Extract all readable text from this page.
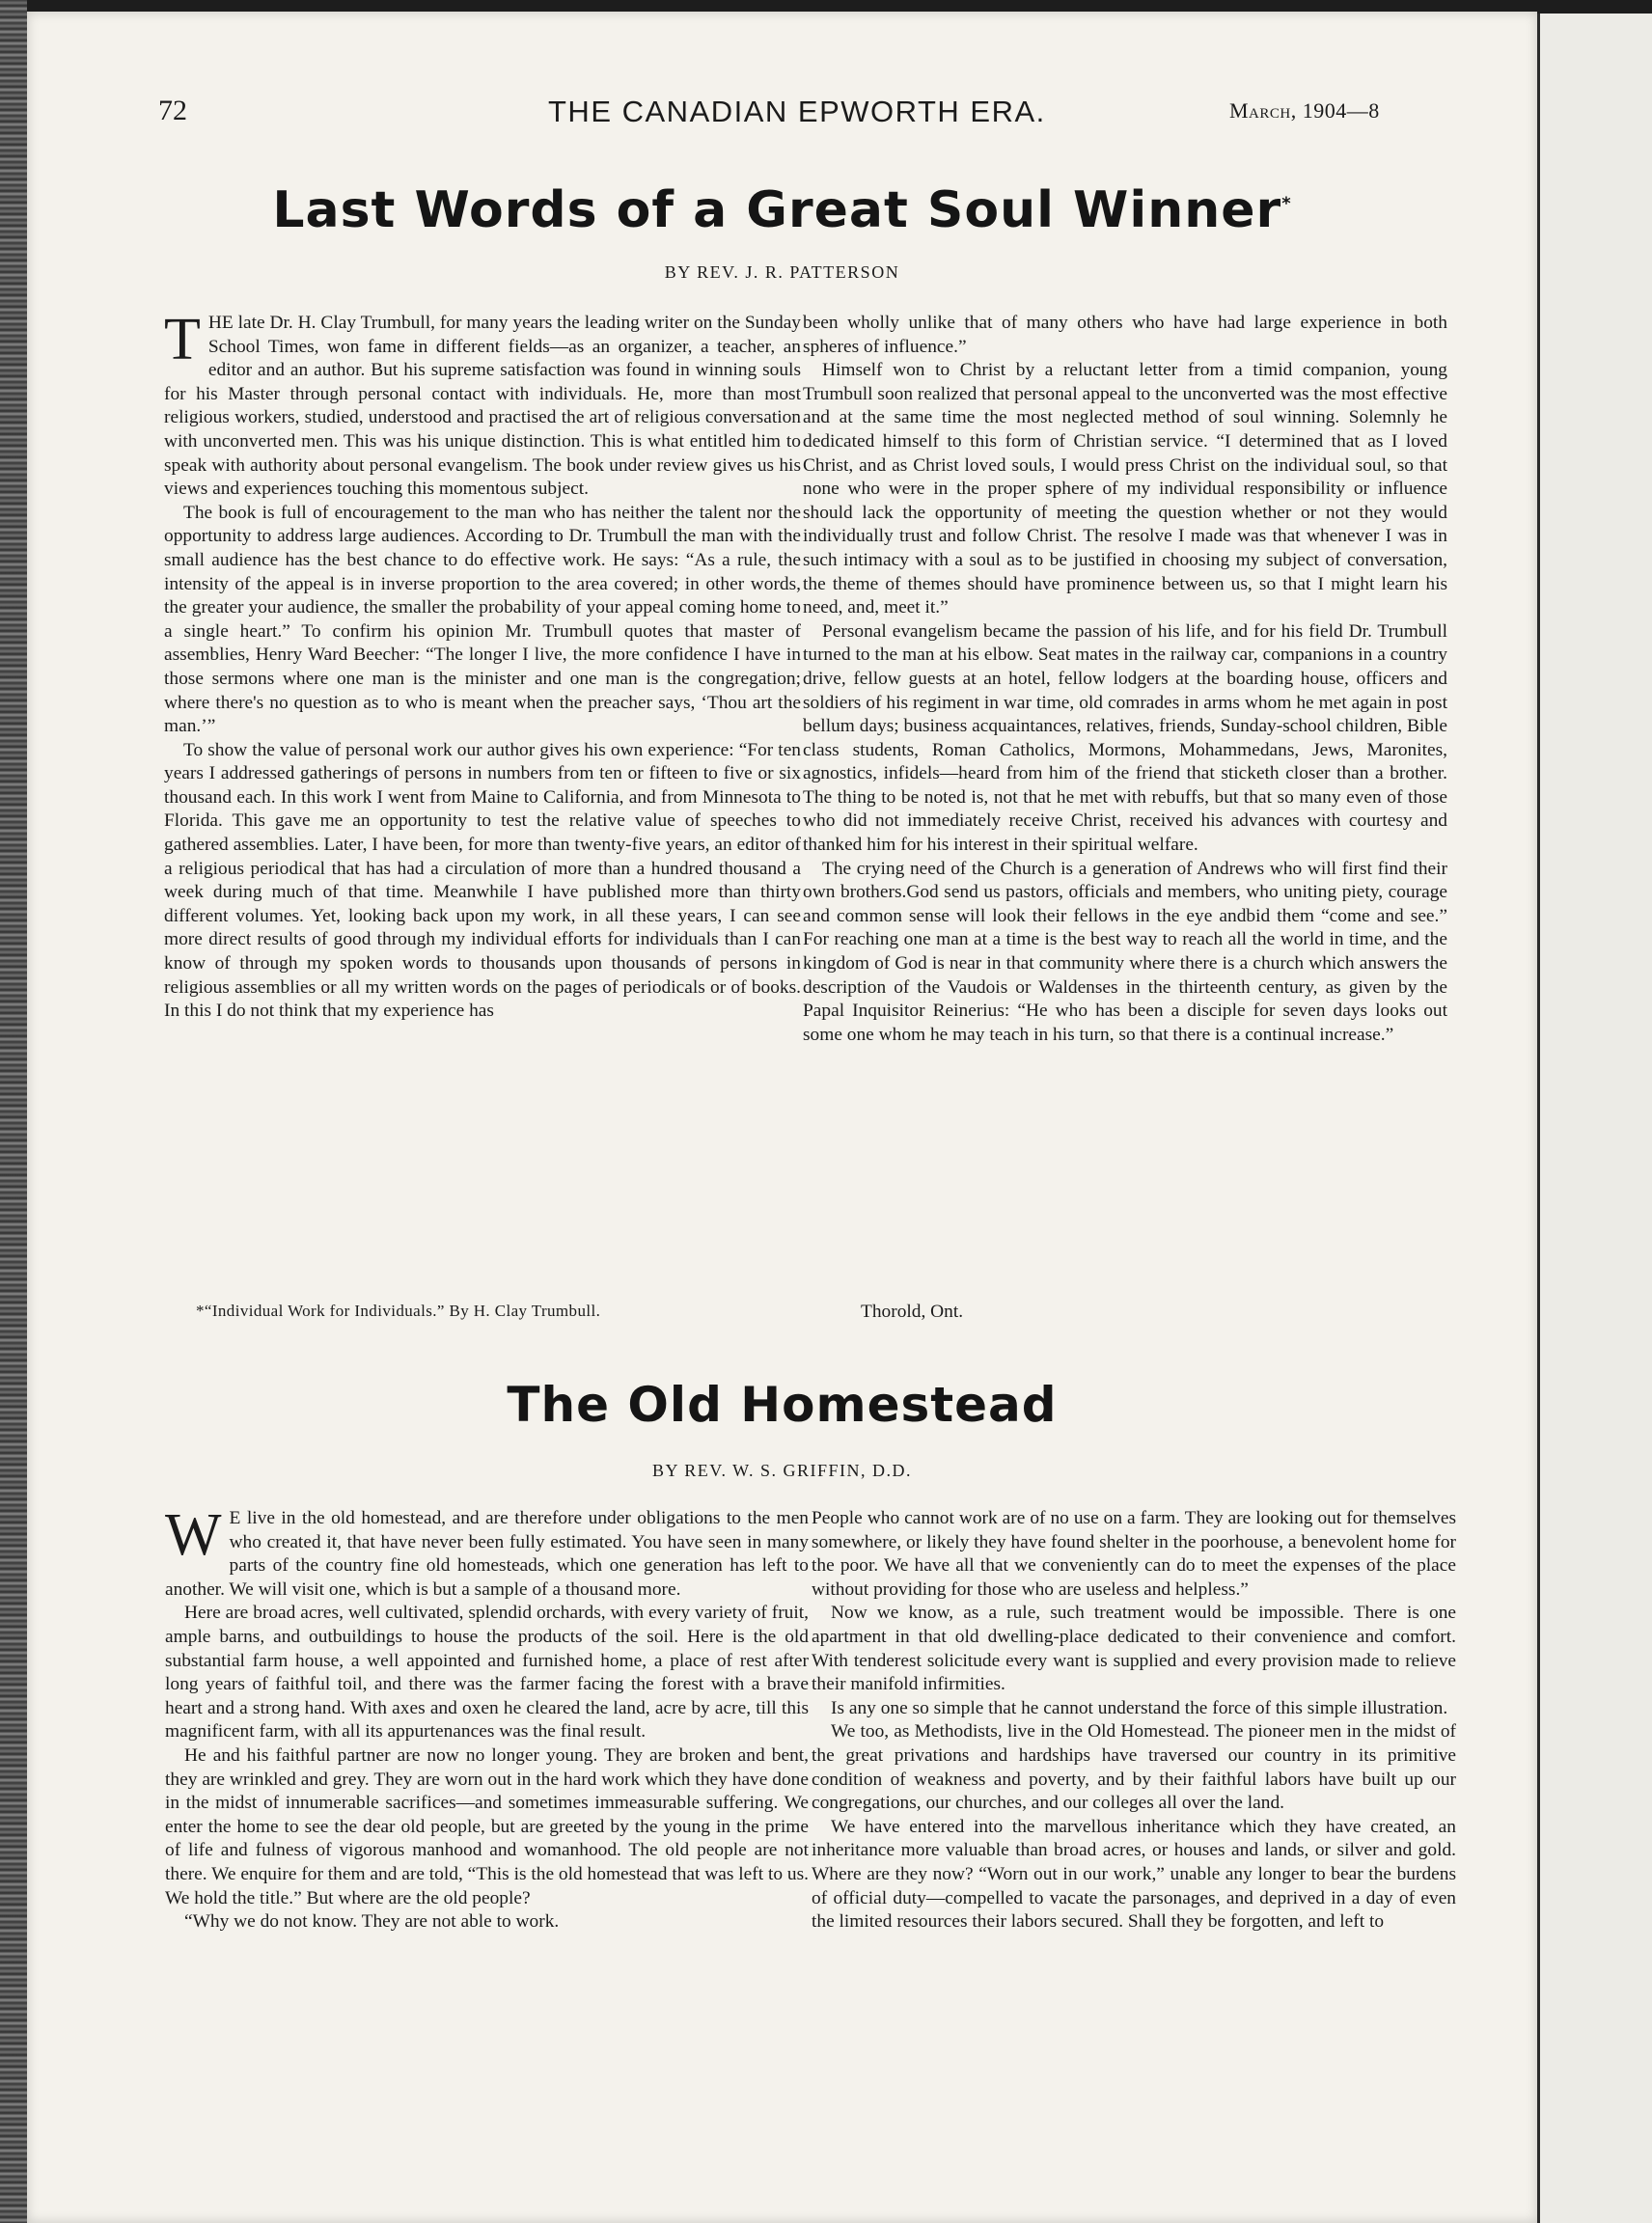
72	THE CANADIAN EPWORTH ERA.	March, 1904—8
Last Words of a Great Soul Winner*
BY REV. J. R. PATTERSON

THE late Dr. H. Clay Trumbull, for many years the leading writer on the Sunday School Times, won fame in different fields—as an organizer, a teacher, an editor and an author. But his supreme satisfaction was found in winning souls for his Master through personal contact with individuals. He, more than most religious workers, studied, understood and practised the art of religious conversation with unconverted men. This was his unique distinction. This is what entitled him to speak with authority about personal evangelism. The book under review gives us his views and experiences touching this momentous subject.

The book is full of encouragement to the man who has neither the talent nor the opportunity to address large audiences. According to Dr. Trumbull the man with the small audience has the best chance to do effective work. He says: “As a rule, the intensity of the appeal is in inverse proportion to the area covered; in other words, the greater your audience, the smaller the probability of your appeal coming home to a single heart.” To confirm his opinion Mr. Trumbull quotes that master of assemblies, Henry Ward Beecher: “The longer I live, the more confidence I have in those sermons where one man is the minister and one man is the congregation; where there's no question as to who is meant when the preacher says, ‘Thou art the man.’”

To show the value of personal work our author gives his own experience: “For ten years I addressed gatherings of persons in numbers from ten or fifteen to five or six thousand each. In this work I went from Maine to California, and from Minnesota to Florida. This gave me an opportunity to test the relative value of speeches to gathered assemblies. Later, I have been, for more than twenty-five years, an editor of a religious periodical that has had a circulation of more than a hundred thousand a week during much of that time. Meanwhile I have published more than thirty different volumes. Yet, looking back upon my work, in all these years, I can see more direct results of good through my individual efforts for individuals than I can know of through my spoken words to thousands upon thousands of persons in religious assemblies or all my written words on the pages of periodicals or of books. In this I do not think that my experience has

been wholly unlike that of many others who have had large experience in both spheres of influence.”

Himself won to Christ by a reluctant letter from a timid companion, young Trumbull soon realized that personal appeal to the unconverted was the most effective and at the same time the most neglected method of soul winning. Solemnly he dedicated himself to this form of Christian service. “I determined that as I loved Christ, and as Christ loved souls, I would press Christ on the individual soul, so that none who were in the proper sphere of my individual responsibility or influence should lack the opportunity of meeting the question whether or not they would individually trust and follow Christ. The resolve I made was that whenever I was in such intimacy with a soul as to be justified in choosing my subject of conversation, the theme of themes should have prominence between us, so that I might learn his need, and, meet it.”

Personal evangelism became the passion of his life, and for his field Dr. Trumbull turned to the man at his elbow. Seat mates in the railway car, companions in a country drive, fellow guests at an hotel, fellow lodgers at the boarding house, officers and soldiers of his regiment in war time, old comrades in arms whom he met again in post bellum days; business acquaintances, relatives, friends, Sunday-school children, Bible class students, Roman Catholics, Mormons, Mohammedans, Jews, Maronites, agnostics, infidels—heard from him of the friend that sticketh closer than a brother. The thing to be noted is, not that he met with rebuffs, but that so many even of those who did not immediately receive Christ, received his advances with courtesy and thanked him for his interest in their spiritual welfare.

The crying need of the Church is a generation of Andrews who will first find their own brothers.God send us pastors, officials and members, who uniting piety, courage and common sense will look their fellows in the eye andbid them “come and see.” For reaching one man at a time is the best way to reach all the world in time, and the kingdom of God is near in that community where there is a church which answers the description of the Vaudois or Waldenses in the thirteenth century, as given by the Papal Inquisitor Reinerius: “He who has been a disciple for seven days looks out some one whom he may teach in his turn, so that there is a continual increase.”

*“Individual Work for Individuals.” By H. Clay Trumbull.	Thorold, Ont.
The Old Homestead
BY REV. W. S. GRIFFIN, D.D.

W E live in the old homestead, and are therefore under obligations to the men who created it, that have never been fully estimated. You have seen in many parts of the country fine old homesteads, which one generation has left to another. We will visit one, which is but a sample of a thousand more.

Here are broad acres, well cultivated, splendid orchards, with every variety of fruit, ample barns, and outbuildings to house the products of the soil. Here is the old substantial farm house, a well appointed and furnished home, a place of rest after long years of faithful toil, and there was the farmer facing the forest with a brave heart and a strong hand. With axes and oxen he cleared the land, acre by acre, till this magnificent farm, with all its appurtenances was the final result.

He and his faithful partner are now no longer young. They are broken and bent, they are wrinkled and grey. They are worn out in the hard work which they have done in the midst of innumerable sacrifices—and sometimes immeasurable suffering. We enter the home to see the dear old people, but are greeted by the young in the prime of life and fulness of vigorous manhood and womanhood. The old people are not there. We enquire for them and are told, “This is the old homestead that was left to us. We hold the title.” But where are the old people?

“Why we do not know. They are not able to work.

People who cannot work are of no use on a farm. They are looking out for themselves somewhere, or likely they have found shelter in the poorhouse, a benevolent home for the poor. We have all that we conveniently can do to meet the expenses of the place without providing for those who are useless and helpless.”

Now we know, as a rule, such treatment would be impossible. There is one apartment in that old dwelling-place dedicated to their convenience and comfort. With tenderest solicitude every want is supplied and every provision made to relieve their manifold infirmities.

Is any one so simple that he cannot understand the force of this simple illustration.

We too, as Methodists, live in the Old Homestead. The pioneer men in the midst of the great privations and hardships have traversed our country in its primitive condition of weakness and poverty, and by their faithful labors have built up our congregations, our churches, and our colleges all over the land.

We have entered into the marvellous inheritance which they have created, an inheritance more valuable than broad acres, or houses and lands, or silver and gold. Where are they now? “Worn out in our work,” unable any longer to bear the burdens of official duty—compelled to vacate the parsonages, and deprived in a day of even the limited resources their labors secured. Shall they be forgotten, and left to
